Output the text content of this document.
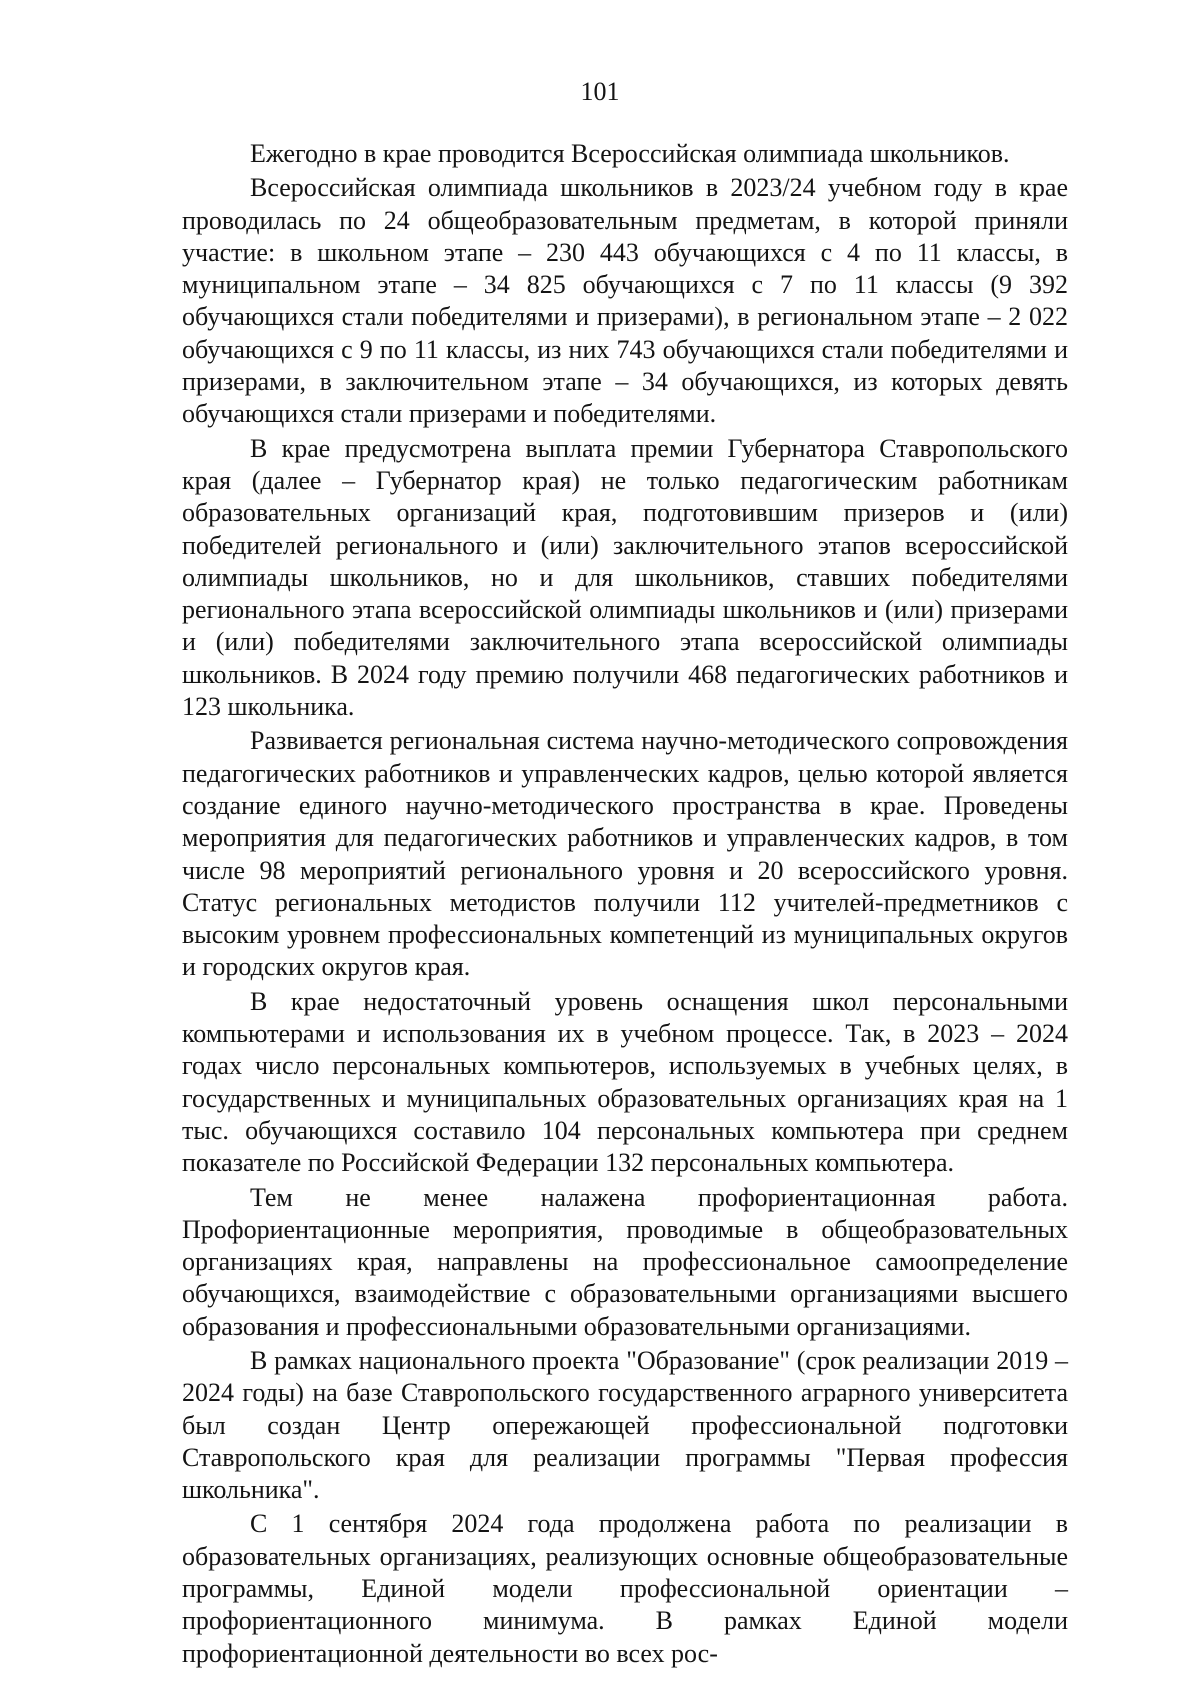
101

Ежегодно в крае проводится Всероссийская олимпиада школьников.

Всероссийская олимпиада школьников в 2023/24 учебном году в крае проводилась по 24 общеобразовательным предметам, в которой приняли участие: в школьном этапе – 230 443 обучающихся с 4 по 11 классы, в муниципальном этапе – 34 825 обучающихся с 7 по 11 классы (9 392 обучающихся стали победителями и призерами), в региональном этапе – 2 022 обучающихся с 9 по 11 классы, из них 743 обучающихся стали победителями и призерами, в заключительном этапе – 34 обучающихся, из которых девять обучающихся стали призерами и победителями.

В крае предусмотрена выплата премии Губернатора Ставропольского края (далее – Губернатор края) не только педагогическим работникам образовательных организаций края, подготовившим призеров и (или) победителей регионального и (или) заключительного этапов всероссийской олимпиады школьников, но и для школьников, ставших победителями регионального этапа всероссийской олимпиады школьников и (или) призерами и (или) победителями заключительного этапа всероссийской олимпиады школьников. В 2024 году премию получили 468 педагогических работников и 123 школьника.

Развивается региональная система научно-методического сопровождения педагогических работников и управленческих кадров, целью которой является создание единого научно-методического пространства в крае. Проведены мероприятия для педагогических работников и управленческих кадров, в том числе 98 мероприятий регионального уровня и 20 всероссийского уровня. Статус региональных методистов получили 112 учителей-предметников с высоким уровнем профессиональных компетенций из муниципальных округов и городских округов края.

В крае недостаточный уровень оснащения школ персональными компьютерами и использования их в учебном процессе. Так, в 2023 – 2024 годах число персональных компьютеров, используемых в учебных целях, в государственных и муниципальных образовательных организациях края на 1 тыс. обучающихся составило 104 персональных компьютера при среднем показателе по Российской Федерации 132 персональных компьютера.

Тем не менее налажена профориентационная работа. Профориентационные мероприятия, проводимые в общеобразовательных организациях края, направлены на профессиональное самоопределение обучающихся, взаимодействие с образовательными организациями высшего образования и профессиональными образовательными организациями.

В рамках национального проекта "Образование" (срок реализации 2019 – 2024 годы) на базе Ставропольского государственного аграрного университета был создан Центр опережающей профессиональной подготовки Ставропольского края для реализации программы "Первая профессия школьника".

С 1 сентября 2024 года продолжена работа по реализации в образовательных организациях, реализующих основные общеобразовательные программы, Единой модели профессиональной ориентации – профориентационного минимума. В рамках Единой модели профориентационной деятельности во всех рос-
